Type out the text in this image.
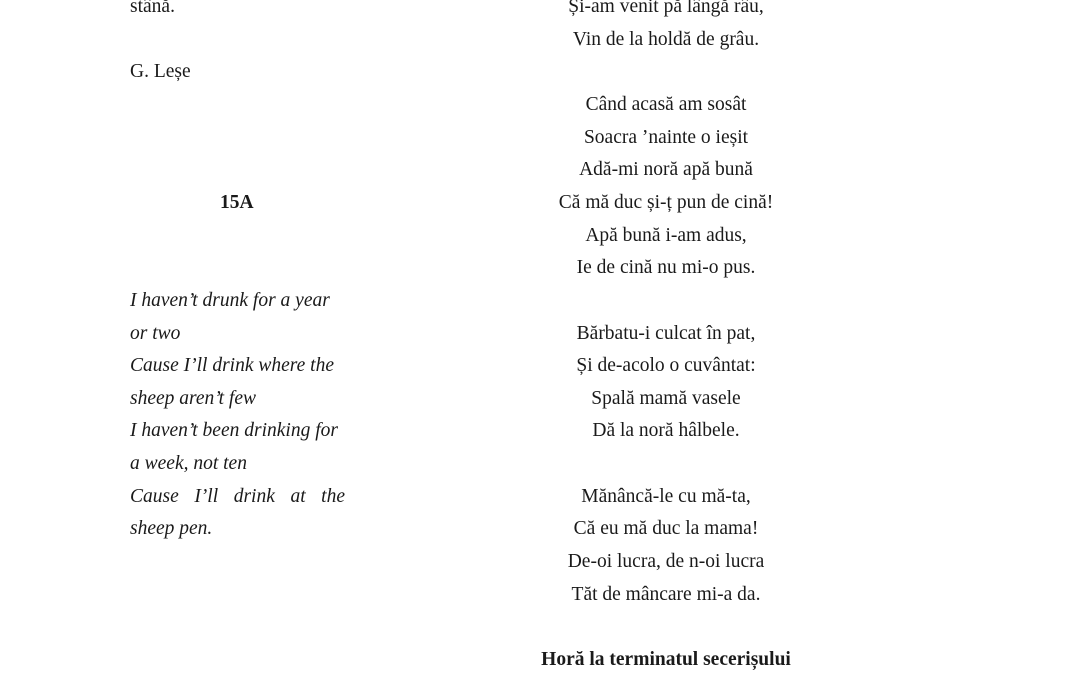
stână.
G. Leșe
15A
I haven’t drunk for a year
or two
Cause I’ll drink where the
sheep aren’t few
I haven’t been drinking for
a week, not ten
Cause I’ll drink at the
sheep pen.
Și-am venit pă lângă râu,
Vin de la holdă de grâu.
Când acasă am sosât
Soacra ’nainte o ieșit
Adă-mi noră apă bună
Că mă duc și-ț pun de cină!
Apă bună i-am adus,
Ie de cină nu mi-o pus.
Bărbatu-i culcat în pat,
Și de-acolo o cuvântat:
Spală mamă vasele
Dă la noră hâlbele.
Mănâncă-le cu mă-ta,
Că eu mă duc la mama!
De-oi lucra, de n-oi lucra
Tăt de mâncare mi-a da.
Horă la terminatul secerișului
